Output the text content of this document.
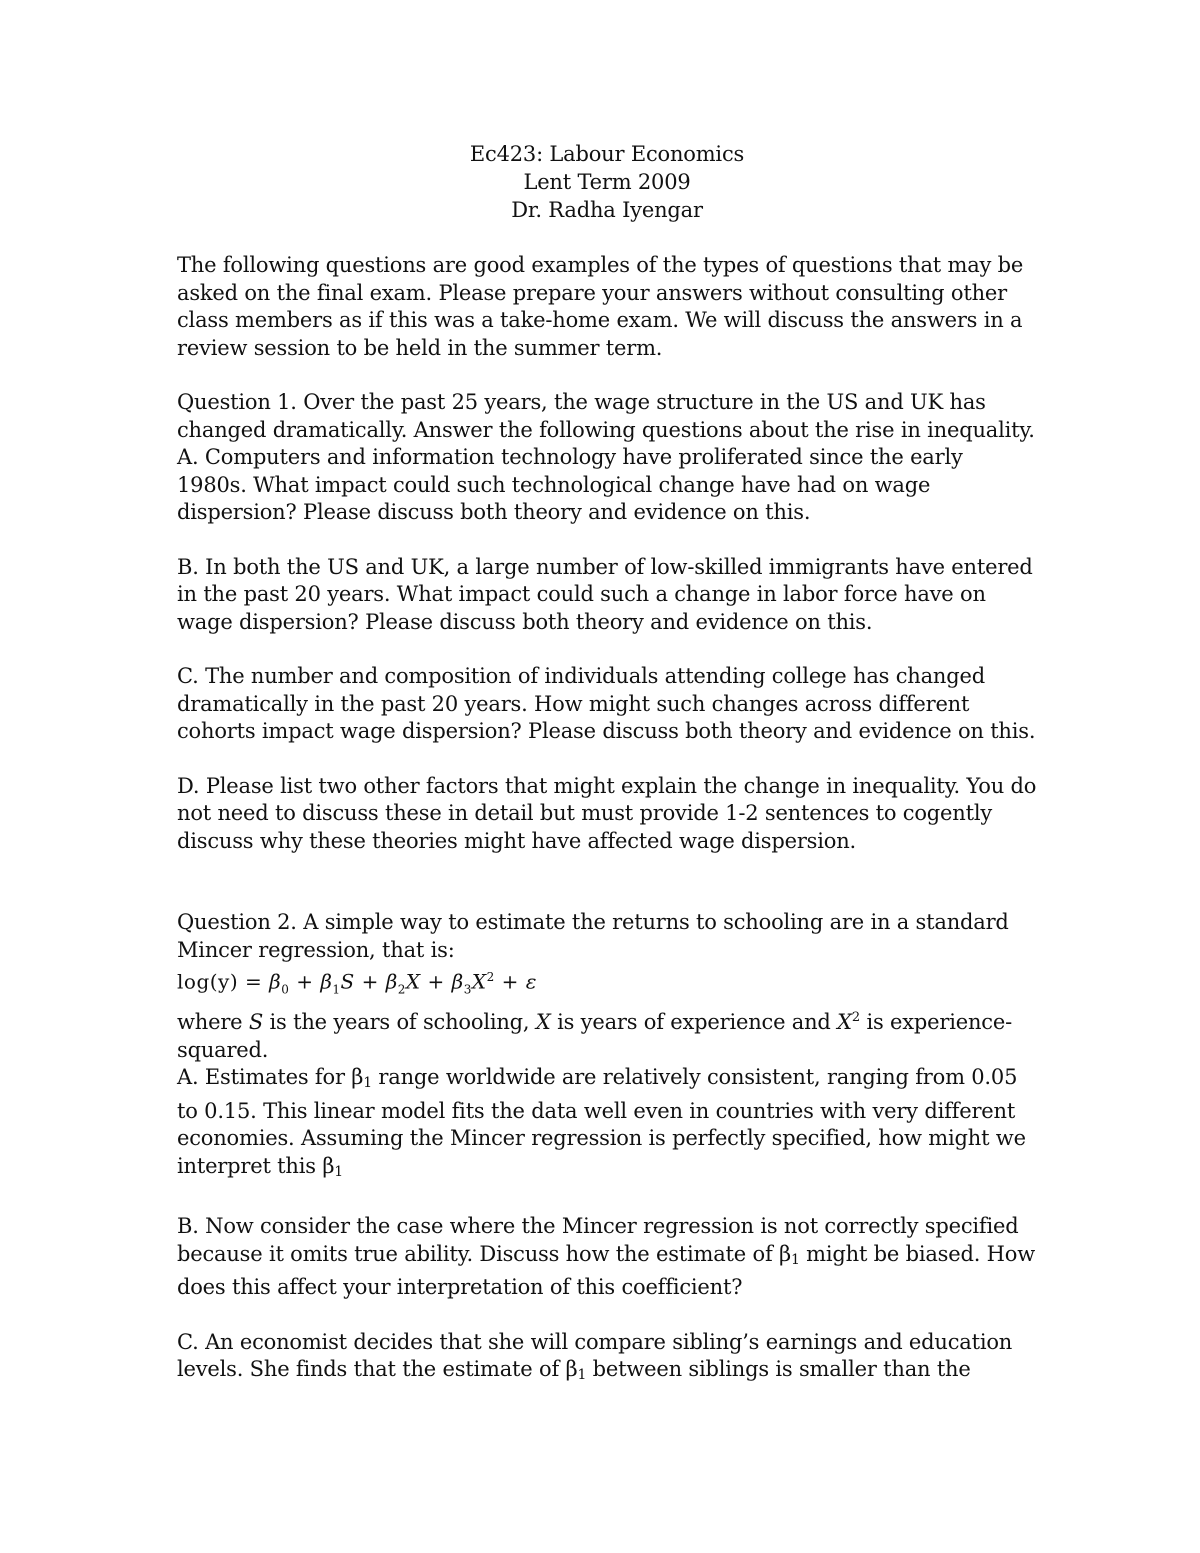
Ec423: Labour Economics
Lent Term 2009
Dr. Radha Iyengar

The following questions are good examples of the types of questions that may be asked on the final exam. Please prepare your answers without consulting other class members as if this was a take-home exam. We will discuss the answers in a review session to be held in the summer term.

Question 1. Over the past 25 years, the wage structure in the US and UK has changed dramatically. Answer the following questions about the rise in inequality.

A. Computers and information technology have proliferated since the early 1980s. What impact could such technological change have had on wage dispersion? Please discuss both theory and evidence on this.

B. In both the US and UK, a large number of low-skilled immigrants have entered in the past 20 years. What impact could such a change in labor force have on wage dispersion? Please discuss both theory and evidence on this.

C. The number and composition of individuals attending college has changed dramatically in the past 20 years. How might such changes across different cohorts impact wage dispersion? Please discuss both theory and evidence on this.

D. Please list two other factors that might explain the change in inequality. You do not need to discuss these in detail but must provide 1-2 sentences to cogently discuss why these theories might have affected wage dispersion.

Question 2. A simple way to estimate the returns to schooling are in a standard Mincer regression, that is:

$\log(y) = \beta_0 + \beta_1S + \beta_2X + \beta_3X^2 + \varepsilon$

where S is the years of schooling, X is years of experience and $X^2$ is experience-squared.

A. Estimates for $\beta_1$ range worldwide are relatively consistent, ranging from 0.05 to 0.15. This linear model fits the data well even in countries with very different economies. Assuming the Mincer regression is perfectly specified, how might we interpret this $\beta_1$

B. Now consider the case where the Mincer regression is not correctly specified because it omits true ability. Discuss how the estimate of $\beta_1$ might be biased. How does this affect your interpretation of this coefficient?

C. An economist decides that she will compare sibling’s earnings and education levels. She finds that the estimate of $\beta_1$ between siblings is smaller than the
